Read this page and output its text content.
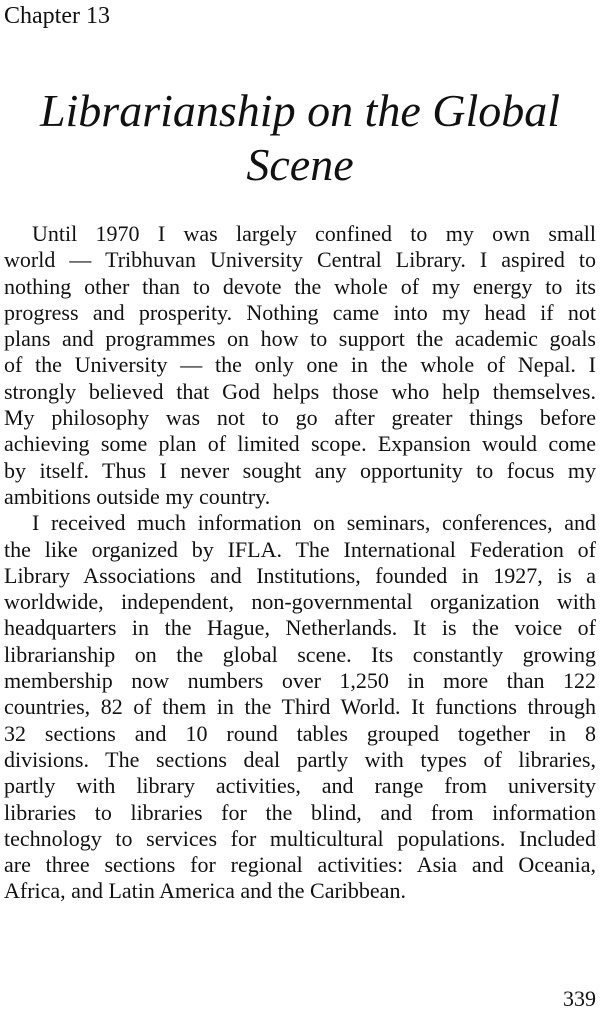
Chapter 13
Librarianship on the Global
Scene
Until 1970 I was largely confined to my own small
world — Tribhuvan University Central Library. I aspired to
nothing other than to devote the whole of my energy to its
progress and prosperity. Nothing came into my head if not
plans and programmes on how to support the academic goals
of the University — the only one in the whole of Nepal. I
strongly believed that God helps those who help themselves.
My philosophy was not to go after greater things before
achieving some plan of limited scope. Expansion would come
by itself. Thus I never sought any opportunity to focus my
ambitions outside my country.
I received much information on seminars, conferences, and
the like organized by IFLA. The International Federation of
Library Associations and Institutions, founded in 1927, is a
worldwide, independent, non-governmental organization with
headquarters in the Hague, Netherlands. It is the voice of
librarianship on the global scene. Its constantly growing
membership now numbers over 1,250 in more than 122
countries, 82 of them in the Third World. It functions through
32 sections and 10 round tables grouped together in 8
divisions. The sections deal partly with types of libraries,
partly with library activities, and range from university
libraries to libraries for the blind, and from information
technology to services for multicultural populations. Included
are three sections for regional activities: Asia and Oceania,
Africa, and Latin America and the Caribbean.
339
